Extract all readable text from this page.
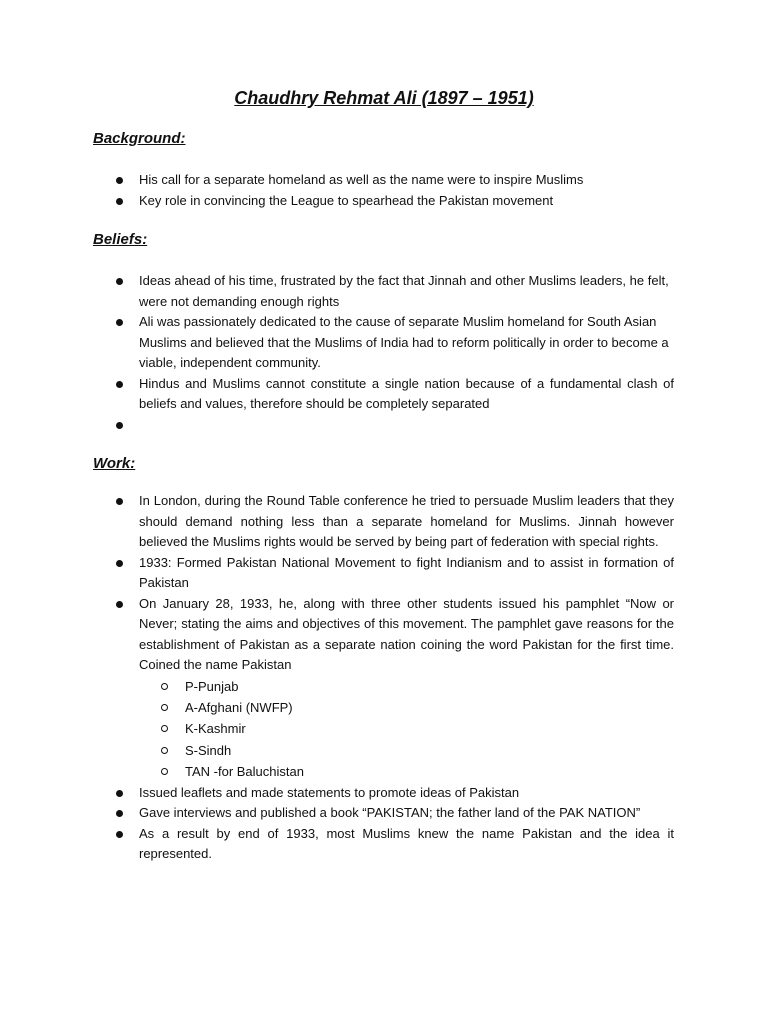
Chaudhry Rehmat Ali (1897 – 1951)
Background:
His call for a separate homeland as well as the name were to inspire Muslims
Key role in convincing the League to spearhead the Pakistan movement
Beliefs:
Ideas ahead of his time, frustrated by the fact that Jinnah and other Muslims leaders, he felt, were not demanding enough rights
Ali was passionately dedicated to the cause of separate Muslim homeland for South Asian Muslims and believed that the Muslims of India had to reform politically in order to become a viable, independent community.
Hindus and Muslims cannot constitute a single nation because of a fundamental clash of beliefs and values, therefore should be completely separated
Work:
In London, during the Round Table conference he tried to persuade Muslim leaders that they should demand nothing less than a separate homeland for Muslims. Jinnah however believed the Muslims rights would be served by being part of federation with special rights.
1933: Formed Pakistan National Movement to fight Indianism and to assist in formation of Pakistan
On January 28, 1933, he, along with three other students issued his pamphlet “Now or Never; stating the aims and objectives of this movement. The pamphlet gave reasons for the establishment of Pakistan as a separate nation coining the word Pakistan for the first time. Coined the name Pakistan
P-Punjab
A-Afghani (NWFP)
K-Kashmir
S-Sindh
TAN -for Baluchistan
Issued leaflets and made statements to promote ideas of Pakistan
Gave interviews and published a book “PAKISTAN; the father land of the PAK NATION”
As a result by end of 1933, most Muslims knew the name Pakistan and the idea it represented.
